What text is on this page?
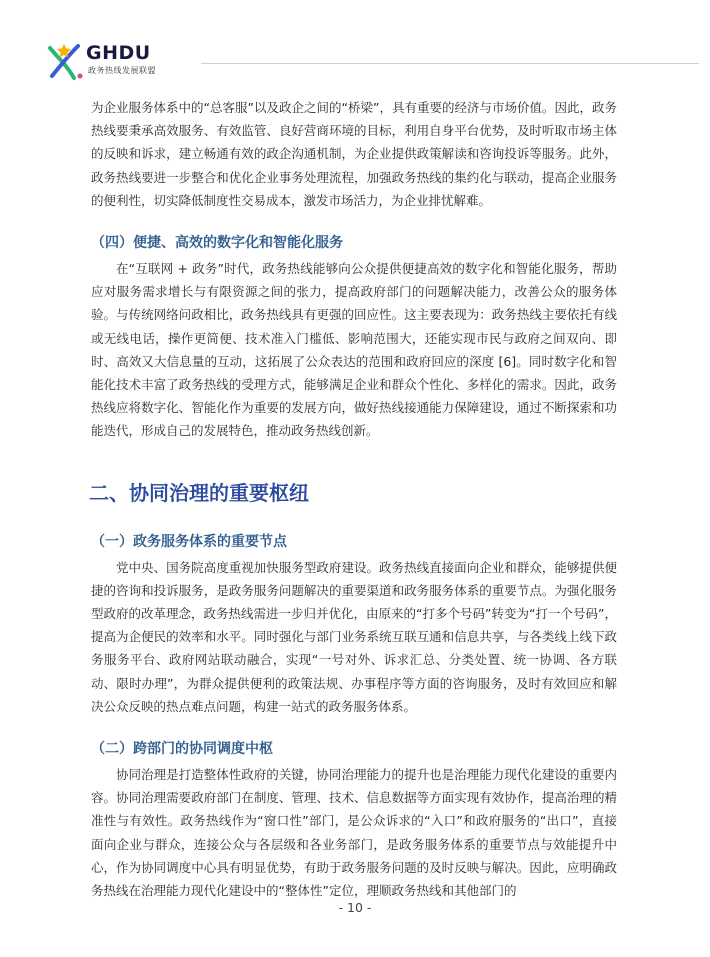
GHDU
政务热线发展联盟

为企业服务体系中的“总客服”以及政企之间的“桥梁”，具有重要的经济与市场价值。因此，政务热线要秉承高效服务、有效监管、良好营商环境的目标，利用自身平台优势，及时听取市场主体的反映和诉求，建立畅通有效的政企沟通机制，为企业提供政策解读和咨询投诉等服务。此外，政务热线要进一步整合和优化企业事务处理流程，加强政务热线的集约化与联动，提高企业服务的便利性，切实降低制度性交易成本，激发市场活力，为企业排忧解难。

（四）便捷、高效的数字化和智能化服务

在“互联网 + 政务”时代，政务热线能够向公众提供便捷高效的数字化和智能化服务，帮助应对服务需求增长与有限资源之间的张力，提高政府部门的问题解决能力，改善公众的服务体验。与传统网络问政相比，政务热线具有更强的回应性。这主要表现为：政务热线主要依托有线或无线电话，操作更简便、技术准入门槛低、影响范围大，还能实现市民与政府之间双向、即时、高效又大信息量的互动，这拓展了公众表达的范围和政府回应的深度 [6]。同时数字化和智能化技术丰富了政务热线的受理方式，能够满足企业和群众个性化、多样化的需求。因此，政务热线应将数字化、智能化作为重要的发展方向，做好热线接通能力保障建设，通过不断探索和功能迭代，形成自己的发展特色，推动政务热线创新。

二、协同治理的重要枢纽

（一）政务服务体系的重要节点

党中央、国务院高度重视加快服务型政府建设。政务热线直接面向企业和群众，能够提供便捷的咨询和投诉服务，是政务服务问题解决的重要渠道和政务服务体系的重要节点。为强化服务型政府的改革理念，政务热线需进一步归并优化，由原来的“打多个号码”转变为“打一个号码”，提高为企便民的效率和水平。同时强化与部门业务系统互联互通和信息共享，与各类线上线下政务服务平台、政府网站联动融合，实现“一号对外、诉求汇总、分类处置、统一协调、各方联动、限时办理”，为群众提供便利的政策法规、办事程序等方面的咨询服务，及时有效回应和解决公众反映的热点难点问题，构建一站式的政务服务体系。

（二）跨部门的协同调度中枢

协同治理是打造整体性政府的关键，协同治理能力的提升也是治理能力现代化建设的重要内容。协同治理需要政府部门在制度、管理、技术、信息数据等方面实现有效协作，提高治理的精准性与有效性。政务热线作为“窗口性”部门，是公众诉求的“入口”和政府服务的“出口”，直接面向企业与群众，连接公众与各层级和各业务部门，是政务服务体系的重要节点与效能提升中心，作为协同调度中心具有明显优势，有助于政务服务问题的及时反映与解决。因此，应明确政务热线在治理能力现代化建设中的“整体性”定位，理顺政务热线和其他部门的

- 10 -
